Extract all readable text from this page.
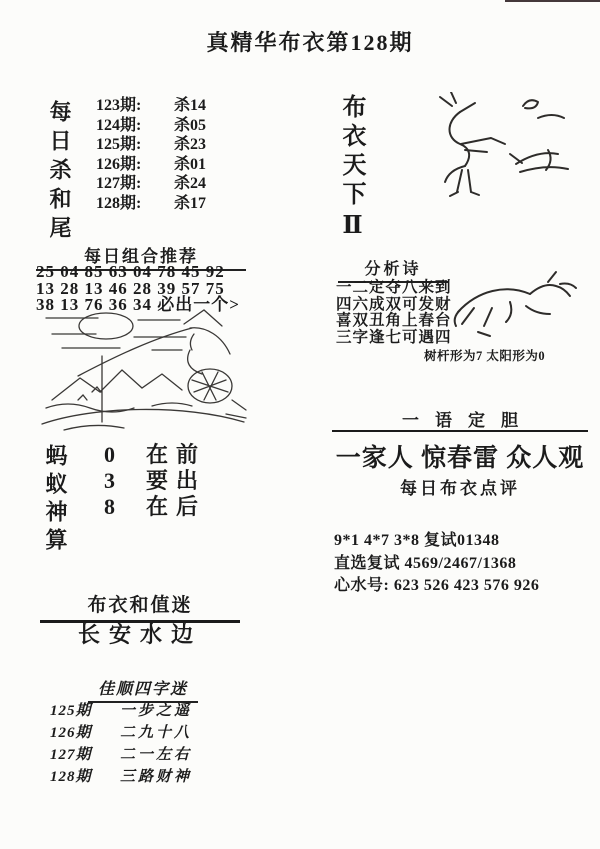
真精华布衣第128期
每日杀和尾 123期:	杀14
124期:	杀05
125期:	杀23
126期:	杀01
127期:	杀24
128期:	杀17	布衣天下Ⅱ
每日组合推荐
25 04 85 63 04 78 45 92
13 28 13 46 28 39 57 75
38 13 76 36 34 必出一个>
分析诗
一二定夺八来到
四六成双可发财
喜双丑角上春台
三字逢七可遇四
树杆形为7 太阳形为0
蚂蚁神算 0	在前
3	要出
8	在后
一语定胆
一家人 惊春雷 众人观
每日布衣点评
9*1 4*7 3*8 复试01348
直选复试 4569/2467/1368
心水号: 623 526 423 576 926
布衣和值迷
长安水边
佳顺四字迷
125期	一步之遥
126期	二九十八
127期	二一左右
128期	三路财神
